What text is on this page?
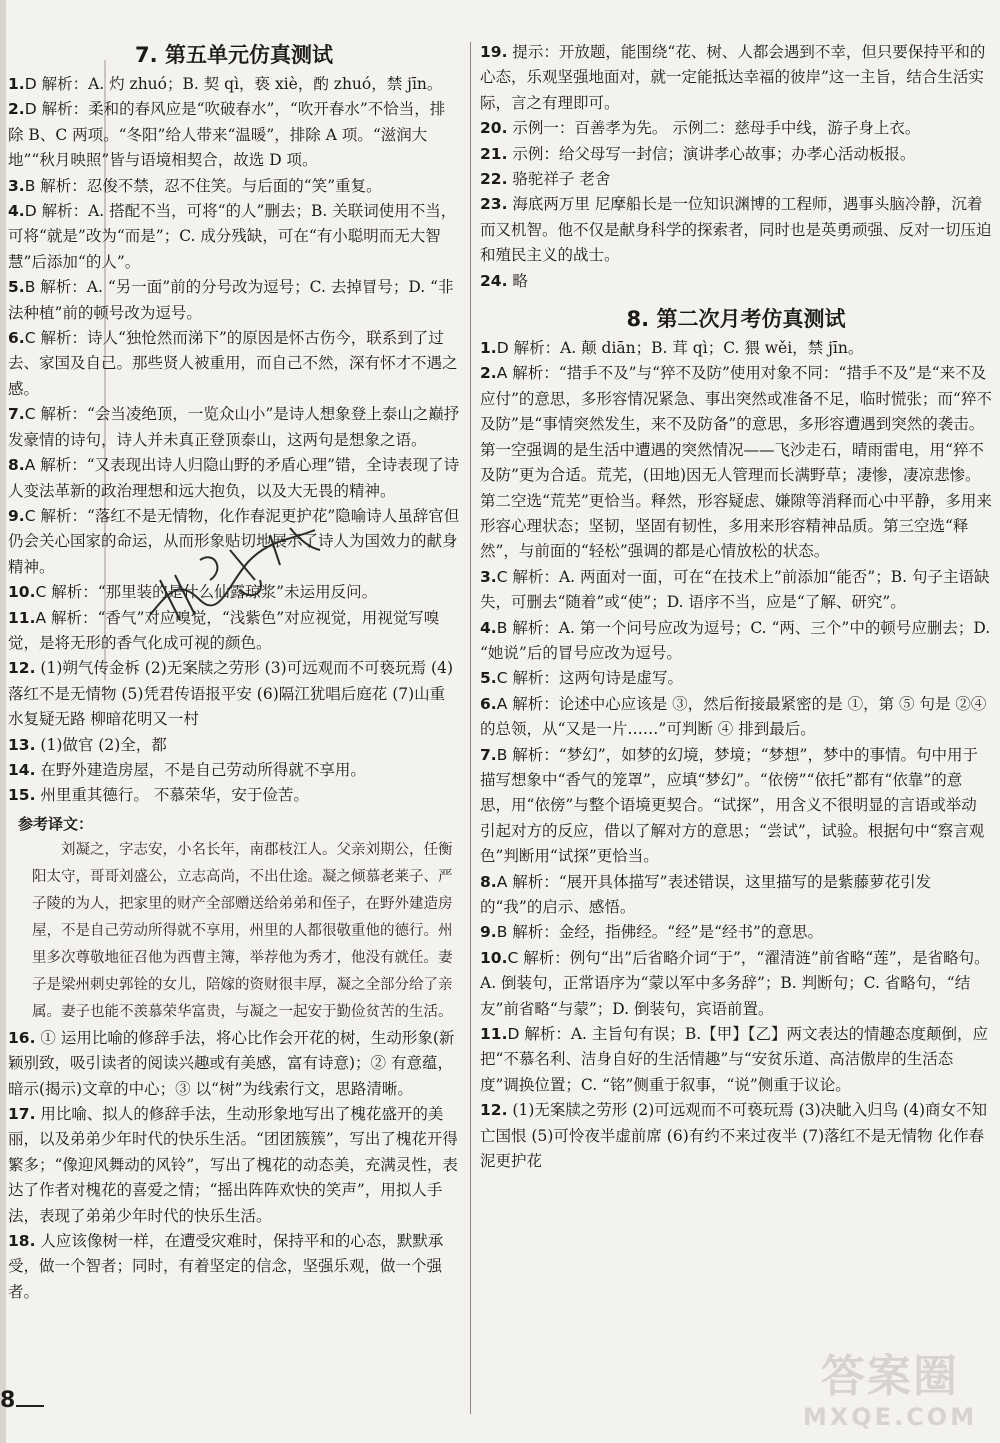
7. 第五单元仿真测试

1.D 解析：A. 灼 zhuó；B. 契 qì，亵 xiè，酌 zhuó，禁 jīn。

2.D 解析：柔和的春风应是“吹破春水”，“吹开春水”不恰当，排除 B、C 两项。“冬阳”给人带来“温暖”，排除 A 项。“滋润大地”“秋月映照”皆与语境相契合，故选 D 项。

3.B 解析：忍俊不禁，忍不住笑。与后面的“笑”重复。

4.D 解析：A. 搭配不当，可将“的人”删去；B. 关联词使用不当，可将“就是”改为“而是”；C. 成分残缺，可在“有小聪明而无大智慧”后添加“的人”。

5.B 解析：A. “另一面”前的分号改为逗号；C. 去掉冒号；D. “非法种植”前的顿号改为逗号。

6.C 解析：诗人“独怆然而涕下”的原因是怀古伤今，联系到了过去、家国及自己。那些贤人被重用，而自己不然，深有怀才不遇之感。

7.C 解析：“会当凌绝顶，一览众山小”是诗人想象登上泰山之巅抒发豪情的诗句，诗人并未真正登顶泰山，这两句是想象之语。

8.A 解析：“又表现出诗人归隐山野的矛盾心理”错，全诗表现了诗人变法革新的政治理想和远大抱负，以及大无畏的精神。

9.C 解析：“落红不是无情物，化作春泥更护花”隐喻诗人虽辞官但仍会关心国家的命运，从而形象贴切地展示了诗人为国效力的献身精神。

10.C 解析：“那里装的是什么仙露琼浆”未运用反问。

11.A 解析：“香气”对应嗅觉，“浅紫色”对应视觉，用视觉写嗅觉，是将无形的香气化成可视的颜色。

12. (1)朔气传金柝 (2)无案牍之劳形 (3)可远观而不可亵玩焉 (4)落红不是无情物 (5)凭君传语报平安 (6)隔江犹唱后庭花 (7)山重水复疑无路 柳暗花明又一村

13. (1)做官 (2)全，都

14. 在野外建造房屋，不是自己劳动所得就不享用。

15. 州里重其德行。 不慕荣华，安于俭苦。

参考译文：
刘凝之，字志安，小名长年，南郡枝江人。父亲刘期公，任衡阳太守，哥哥刘盛公，立志高尚，不出仕途。凝之倾慕老莱子、严子陵的为人，把家里的财产全部赠送给弟弟和侄子，在野外建造房屋，不是自己劳动所得就不享用，州里的人都很敬重他的德行。州里多次尊敬地征召他为西曹主簿，举荐他为秀才，他没有就任。妻子是梁州刺史郭铨的女儿，陪嫁的资财很丰厚，凝之全部分给了亲属。妻子也能不羡慕荣华富贵，与凝之一起安于勤俭贫苦的生活。

16. ① 运用比喻的修辞手法，将心比作会开花的树，生动形象(新颖别致，吸引读者的阅读兴趣或有美感，富有诗意)；② 有意蕴，暗示(揭示)文章的中心；③ 以“树”为线索行文，思路清晰。

17. 用比喻、拟人的修辞手法，生动形象地写出了槐花盛开的美丽，以及弟弟少年时代的快乐生活。“团团簇簇”，写出了槐花开得繁多；“像迎风舞动的风铃”，写出了槐花的动态美，充满灵性，表达了作者对槐花的喜爱之情；“摇出阵阵欢快的笑声”，用拟人手法，表现了弟弟少年时代的快乐生活。

18. 人应该像树一样，在遭受灾难时，保持平和的心态，默默承受，做一个智者；同时，有着坚定的信念，坚强乐观，做一个强者。

19. 提示：开放题，能围绕“花、树、人都会遇到不幸，但只要保持平和的心态，乐观坚强地面对，就一定能抵达幸福的彼岸”这一主旨，结合生活实际，言之有理即可。

20. 示例一：百善孝为先。 示例二：慈母手中线，游子身上衣。

21. 示例：给父母写一封信；演讲孝心故事；办孝心活动板报。

22. 骆驼祥子 老舍

23. 海底两万里 尼摩船长是一位知识渊博的工程师，遇事头脑冷静，沉着而又机智。他不仅是献身科学的探索者，同时也是英勇顽强、反对一切压迫和殖民主义的战士。

24. 略

8. 第二次月考仿真测试

1.D 解析：A. 颠 diān；B. 茸 qì；C. 猥 wěi，禁 jīn。

2.A 解析：“措手不及”与“猝不及防”使用对象不同：“措手不及”是“来不及应付”的意思，多形容情况紧急、事出突然或准备不足，临时慌张；而“猝不及防”是“事情突然发生，来不及防备”的意思，多形容遭遇到突然的袭击。第一空强调的是生活中遭遇的突然情况——飞沙走石，晴雨雷电，用“猝不及防”更为合适。荒芜，(田地)因无人管理而长满野草；凄惨，凄凉悲惨。第二空选“荒芜”更恰当。释然，形容疑虑、嫌隙等消释而心中平静，多用来形容心理状态；坚韧，坚固有韧性，多用来形容精神品质。第三空选“释然”，与前面的“轻松”强调的都是心情放松的状态。

3.C 解析：A. 两面对一面，可在“在技术上”前添加“能否”；B. 句子主语缺失，可删去“随着”或“使”；D. 语序不当，应是“了解、研究”。

4.B 解析：A. 第一个问号应改为逗号；C. “两、三个”中的顿号应删去；D. “她说”后的冒号应改为逗号。

5.C 解析：这两句诗是虚写。

6.A 解析：论述中心应该是 ③，然后衔接最紧密的是 ①，第 ⑤ 句是 ②④ 的总领，从“又是一片……”可判断 ④ 排到最后。

7.B 解析：“梦幻”，如梦的幻境，梦境；“梦想”，梦中的事情。句中用于描写想象中“香气的笼罩”，应填“梦幻”。“依傍”“依托”都有“依靠”的意思，用“依傍”与整个语境更契合。“试探”，用含义不很明显的言语或举动引起对方的反应，借以了解对方的意思；“尝试”，试验。根据句中“察言观色”判断用“试探”更恰当。

8.A 解析：“展开具体描写”表述错误，这里描写的是紫藤萝花引发的“我”的启示、感悟。

9.B 解析：金经，指佛经。“经”是“经书”的意思。

10.C 解析：例句“出”后省略介词“于”，“濯清涟”前省略“莲”，是省略句。A. 倒装句，正常语序为“蒙以军中多务辞”；B. 判断句；C. 省略句，“结友”前省略“与蒙”；D. 倒装句，宾语前置。

11.D 解析：A. 主旨句有误；B.【甲】【乙】两文表达的情趣态度颠倒，应把“不慕名利、洁身自好的生活情趣”与“安贫乐道、高洁傲岸的生活态度”调换位置；C. “铭”侧重于叙事，“说”侧重于议论。

12. (1)无案牍之劳形 (2)可远观而不可亵玩焉 (3)决眦入归鸟 (4)商女不知亡国恨 (5)可怜夜半虚前席 (6)有约不来过夜半 (7)落红不是无情物 化作春泥更护花

8	答案圈
MXQE.COM
